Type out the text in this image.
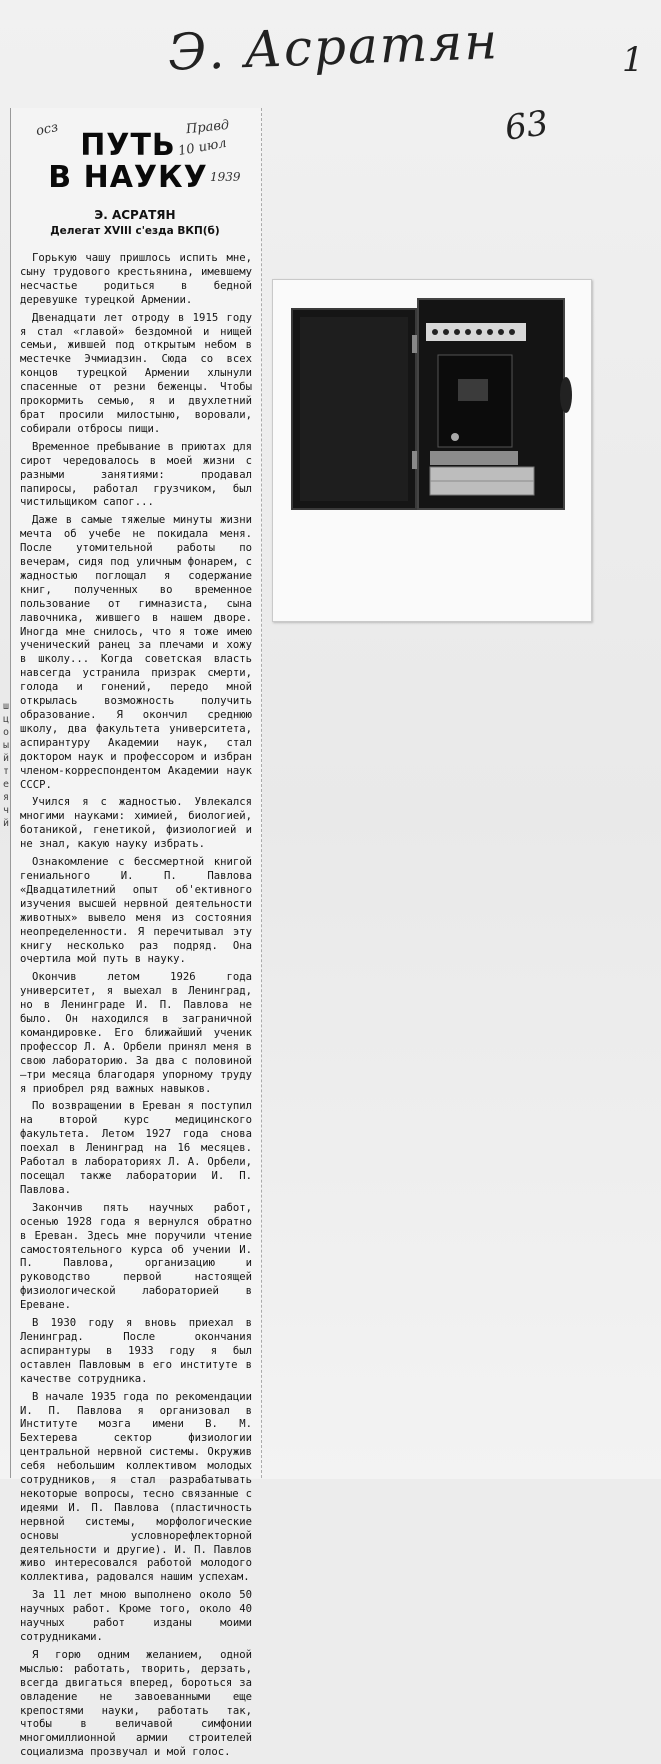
Э. Асратян	1
63
осз	Правд
10 июл
1939
ПУТЬ
В НАУКУ
Э. АСРАТЯН
Делегат XVIII с'езда ВКП(б)

Горькую чашу пришлось испить мне, сыну трудового крестьянина, имевшему несчастье родиться в бедной деревушке турецкой Армении.

Двенадцати лет отроду в 1915 году я стал «главой» бездомной и нищей семьи, жившей под открытым небом в местечке Эчмиадзин. Сюда со всех концов турецкой Армении хлынули спасенные от резни беженцы. Чтобы прокормить семью, я и двухлетний брат просили милостыню, воровали, собирали отбросы пищи.

Временное пребывание в приютах для сирот чередовалось в моей жизни с разными занятиями: продавал папиросы, работал грузчиком, был чистильщиком сапог...

Даже в самые тяжелые минуты жизни мечта об учебе не покидала меня. После утомительной работы по вечерам, сидя под уличным фонарем, с жадностью поглощал я содержание книг, полученных во временное пользование от гимназиста, сына лавочника, жившего в нашем дворе. Иногда мне снилось, что я тоже имею ученический ранец за плечами и хожу в школу... Когда советская власть навсегда устранила призрак смерти, голода и гонений, передо мной открылась возможность получить образование. Я окончил среднюю школу, два факультета университета, аспирантуру Академии наук, стал доктором наук и профессором и избран членом-корреспондентом Академии наук СССР.

Учился я с жадностью. Увлекался многими науками: химией, биологией, ботаникой, генетикой, физиологией и не знал, какую науку избрать.

Ознакомление с бессмертной книгой гениального И. П. Павлова «Двадцатилетний опыт об'ективного изучения высшей нервной деятельности животных» вывело меня из состояния неопределенности. Я перечитывал эту книгу несколько раз подряд. Она очертила мой путь в науку.

Окончив летом 1926 года университет, я выехал в Ленинград, но в Ленинграде И. П. Павлова не было. Он находился в заграничной командировке. Его ближайший ученик профессор Л. А. Орбели принял меня в свою лабораторию. За два с половиной—три месяца благодаря упорному труду я приобрел ряд важных навыков.

По возвращении в Ереван я поступил на второй курс медицинского факультета. Летом 1927 года снова поехал в Ленинград на 16 месяцев. Работал в лабораториях Л. А. Орбели, посещал также лаборатории И. П. Павлова.

Закончив пять научных работ, осенью 1928 года я вернулся обратно в Ереван. Здесь мне поручили чтение самостоятельного курса об учении И. П. Павлова, организацию и руководство первой настоящей физиологической лабораторией в Ереване.

В 1930 году я вновь приехал в Ленинград. После окончания аспирантуры в 1933 году я был оставлен Павловым в его институте в качестве сотрудника.

В начале 1935 года по рекомендации И. П. Павлова я организовал в Институте мозга имени В. М. Бехтерева сектор физиологии центральной нервной системы. Окружив себя небольшим коллективом молодых сотрудников, я стал разрабатывать некоторые вопросы, тесно связанные с идеями И. П. Павлова (пластичность нервной системы, морфологические основы условнорефлекторной деятельности и другие). И. П. Павлов живо интересовался работой молодого коллектива, радовался нашим успехам.

За 11 лет мною выполнено около 50 научных работ. Кроме того, около 40 научных работ изданы моими сотрудниками.

Я горю одним желанием, одной мыслью: работать, творить, дерзать, всегда двигаться вперед, бороться за овладение не завоеванными еще крепостями науки, работать так, чтобы в величавой симфонии многомиллионной армии строителей социализма прозвучал и мой голос.

ш
ц
о
ы
й
т
е
я
ч
й
